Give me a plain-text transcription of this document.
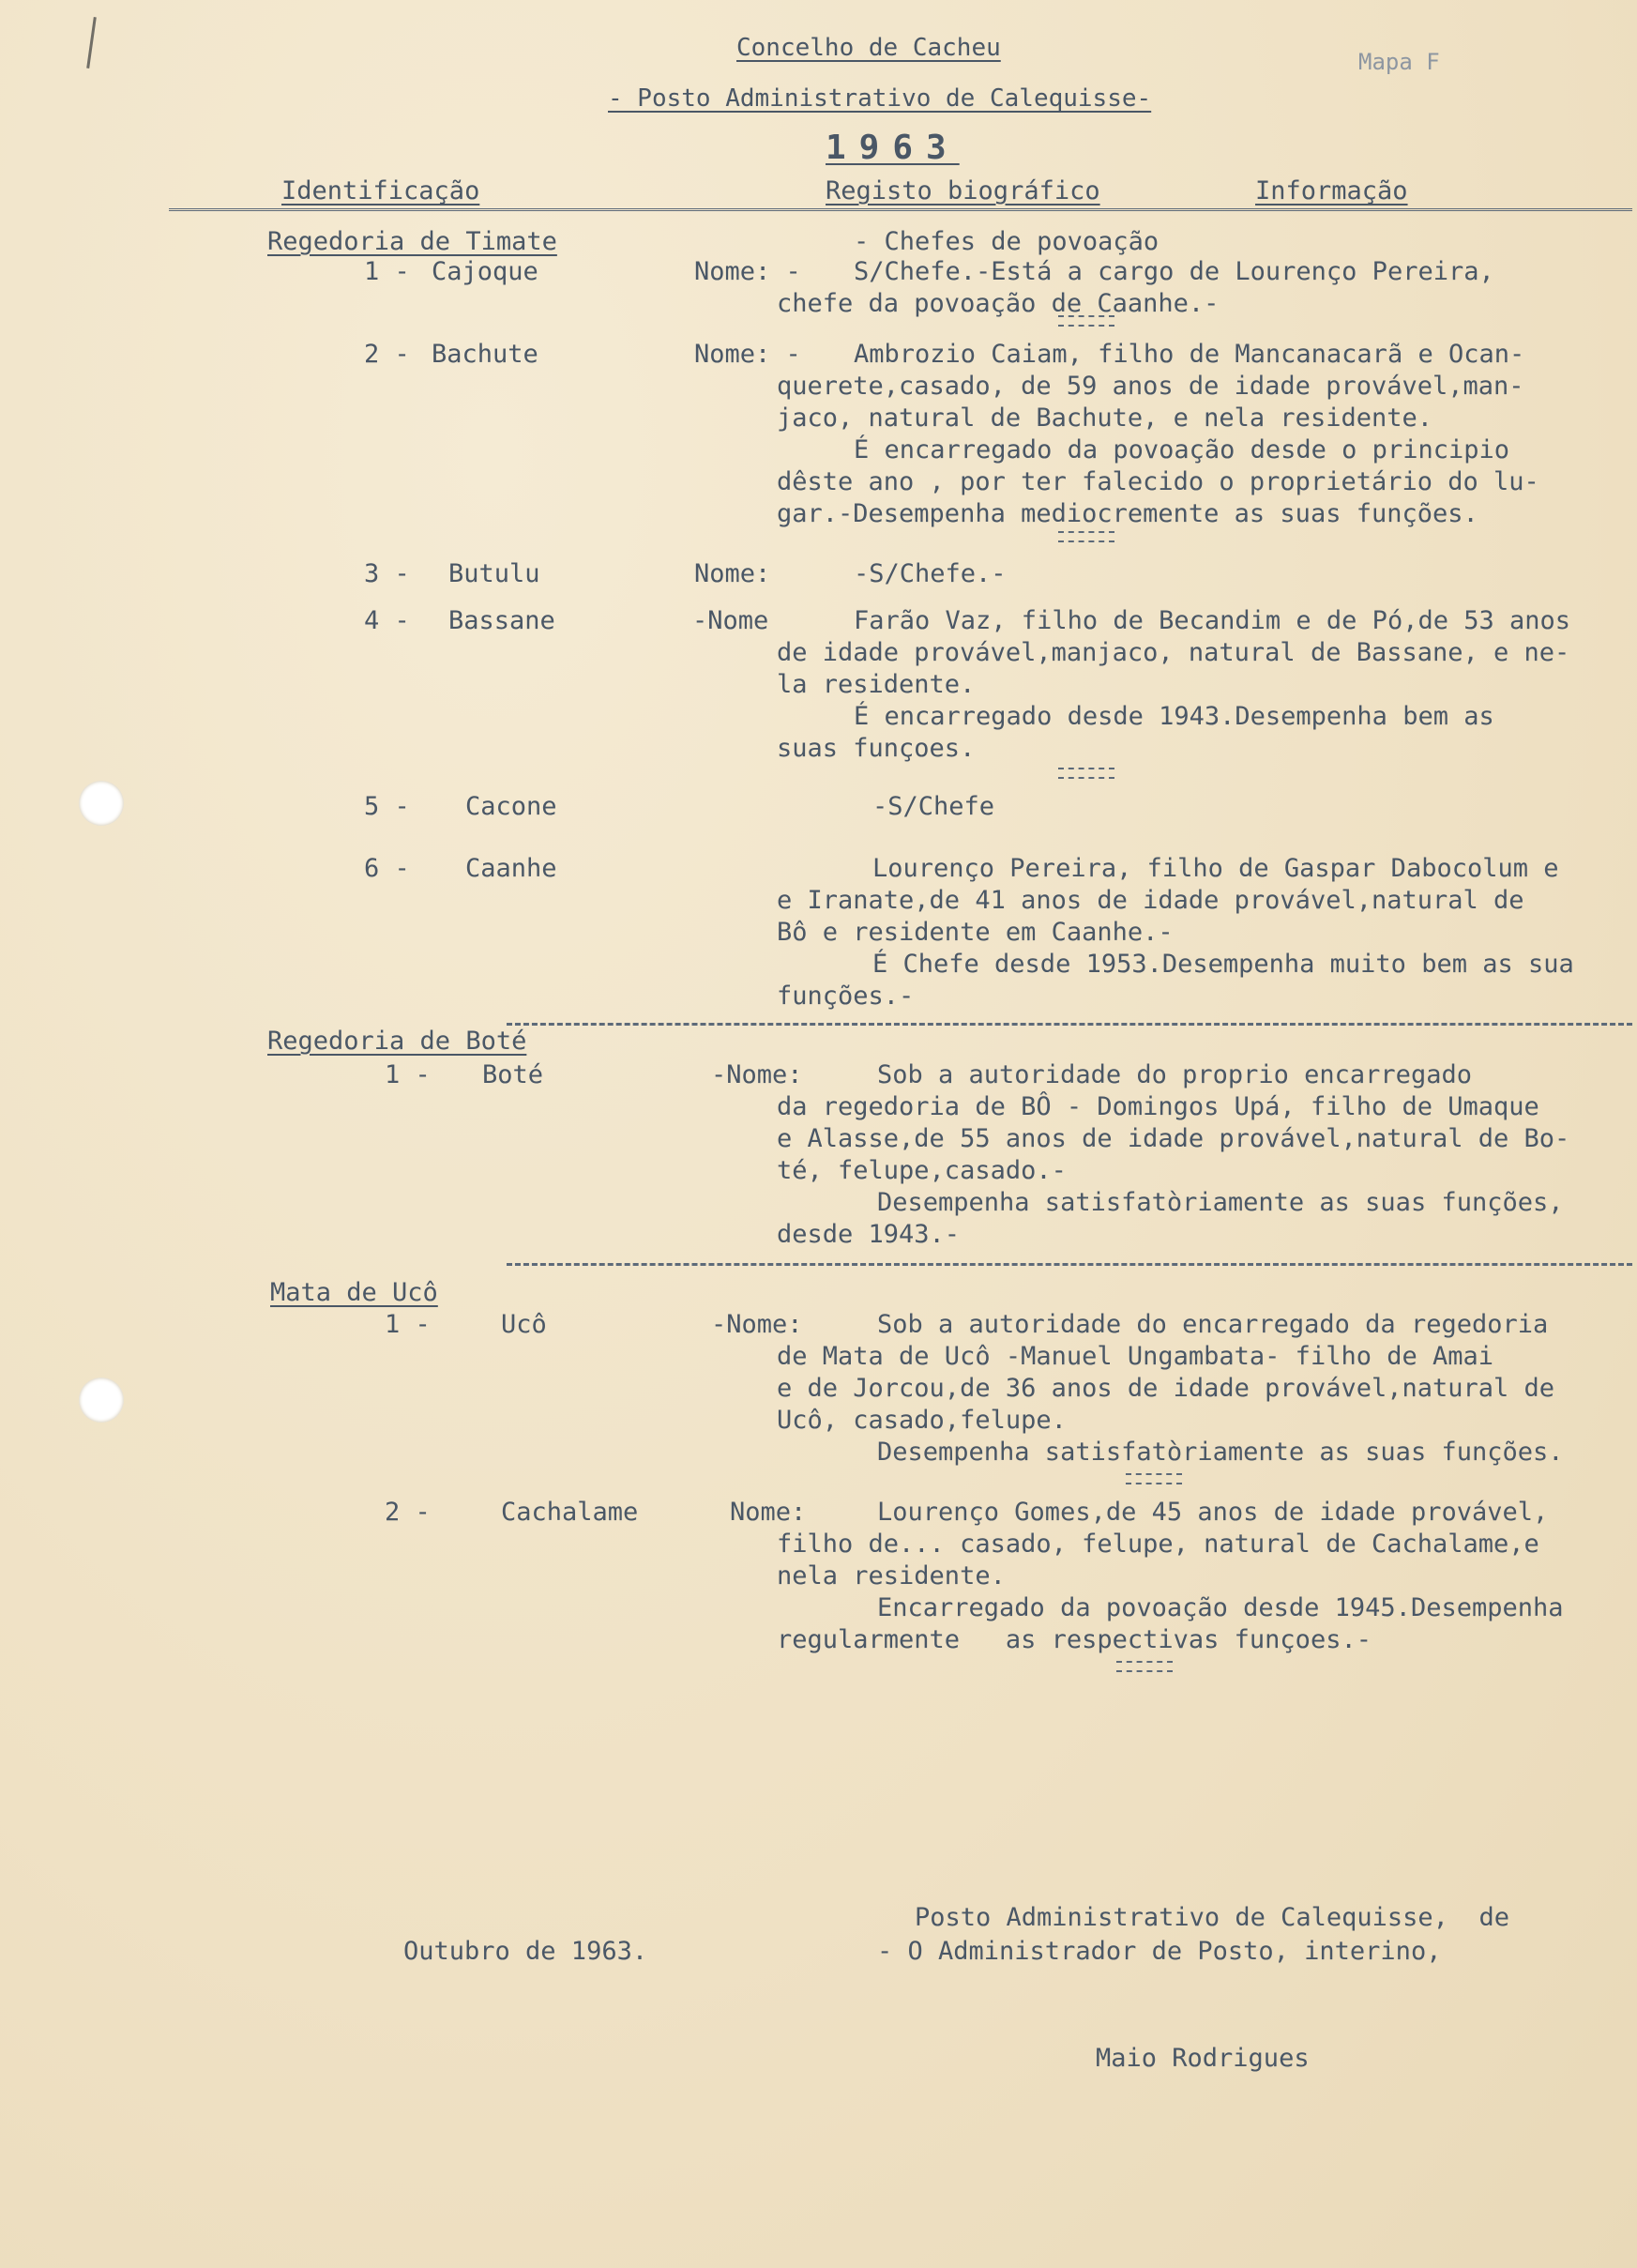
Concelho de Cacheu	Mapa F
- Posto Administrativo de Calequisse-
1963
Identificação	Registo biográfico	Informação
Regedoria de Timate	- Chefes de povoação
1 - Cajoque	Nome: - S/Chefe.-Está a cargo de Lourenço Pereira,
chefe da povoação de Caanhe.-
2 - Bachute	Nome: - Ambrozio Caiam, filho de Mancanacarã e Ocan-
querete,casado, de 59 anos de idade provável,man-
jaco, natural de Bachute, e nela residente.
É encarregado da povoação desde o principio
dêste ano , por ter falecido o proprietário do lu-
gar.-Desempenha mediocremente as suas funções.
3 - Butulu	Nome:	-S/Chefe.-
4 - Bassane	-Nome	Farão Vaz, filho de Becandim e de Pó,de 53 anos
de idade provável,manjaco, natural de Bassane, e ne-
la residente.
É encarregado desde 1943.Desempenha bem as
suas funçoes.
5 - Cacone	-S/Chefe
6 - Caanhe	Lourenço Pereira, filho de Gaspar Dabocolum e
e Iranate,de 41 anos de idade provável,natural de
Bô e residente em Caanhe.-
É Chefe desde 1953.Desempenha muito bem as sua
funções.-
Regedoria de Boté
1 - Boté	-Nome:	Sob a autoridade do proprio encarregado
da regedoria de BÔ - Domingos Upá, filho de Umaque
e Alasse,de 55 anos de idade provável,natural de Bo-
té, felupe,casado.-
Desempenha satisfatòriamente as suas funções,
desde 1943.-
Mata de Ucô
1 -	Ucô	-Nome:	Sob a autoridade do encarregado da regedoria
de Mata de Ucô -Manuel Ungambata- filho de Amai
e de Jorcou,de 36 anos de idade provável,natural de
Ucô, casado,felupe.
Desempenha satisfatòriamente as suas funções.
2 -	Cachalame	Nome:	Lourenço Gomes,de 45 anos de idade provável,
filho de... casado, felupe, natural de Cachalame,e
nela residente.
Encarregado da povoação desde 1945.Desempenha
regularmente   as respectivas funçoes.-
Posto Administrativo de Calequisse,  de
Outubro de 1963.	- O Administrador de Posto, interino,
Maio Rodrigues
